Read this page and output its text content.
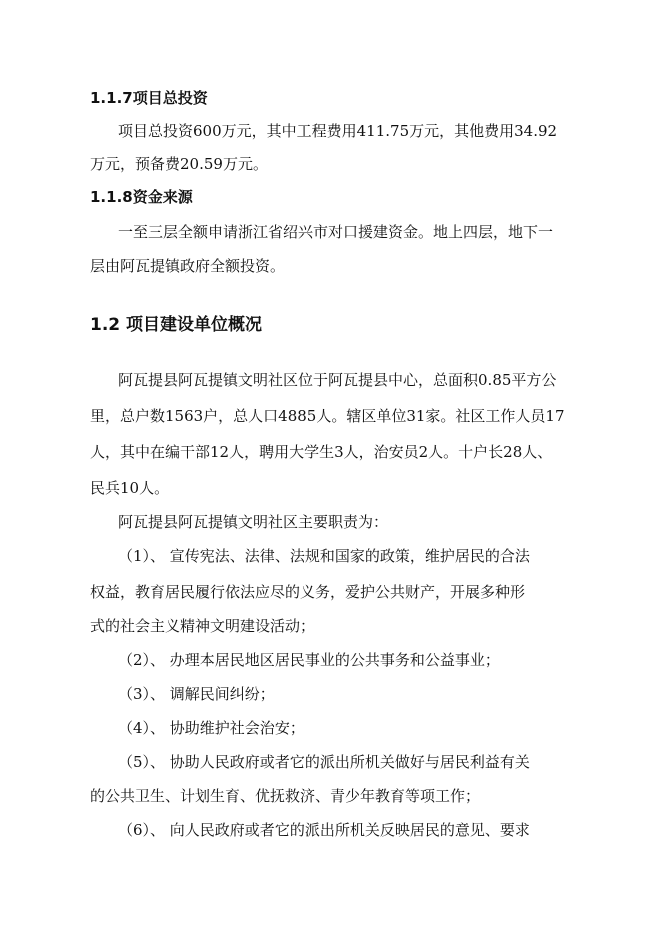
1.1.7项目总投资
项目总投资600万元，其中工程费用411.75万元，其他费用34.92
万元，预备费20.59万元。
1.1.8资金来源
一至三层全额申请浙江省绍兴市对口援建资金。地上四层，地下一
层由阿瓦提镇政府全额投资。
1.2 项目建设单位概况
阿瓦提县阿瓦提镇文明社区位于阿瓦提县中心，总面积0.85平方公
里，总户数1563户，总人口4885人。辖区单位31家。社区工作人员17
人，其中在编干部12人，聘用大学生3人，治安员2人。十户长28人、
民兵10人。
阿瓦提县阿瓦提镇文明社区主要职责为：
（1）、 宣传宪法、法律、法规和国家的政策，维护居民的合法
权益，教育居民履行依法应尽的义务，爱护公共财产，开展多种形
式的社会主义精神文明建设活动；
（2）、 办理本居民地区居民事业的公共事务和公益事业；
（3）、 调解民间纠纷；
（4）、 协助维护社会治安；
（5）、 协助人民政府或者它的派出所机关做好与居民利益有关
的公共卫生、计划生育、优抚救济、青少年教育等项工作；
（6）、 向人民政府或者它的派出所机关反映居民的意见、要求
